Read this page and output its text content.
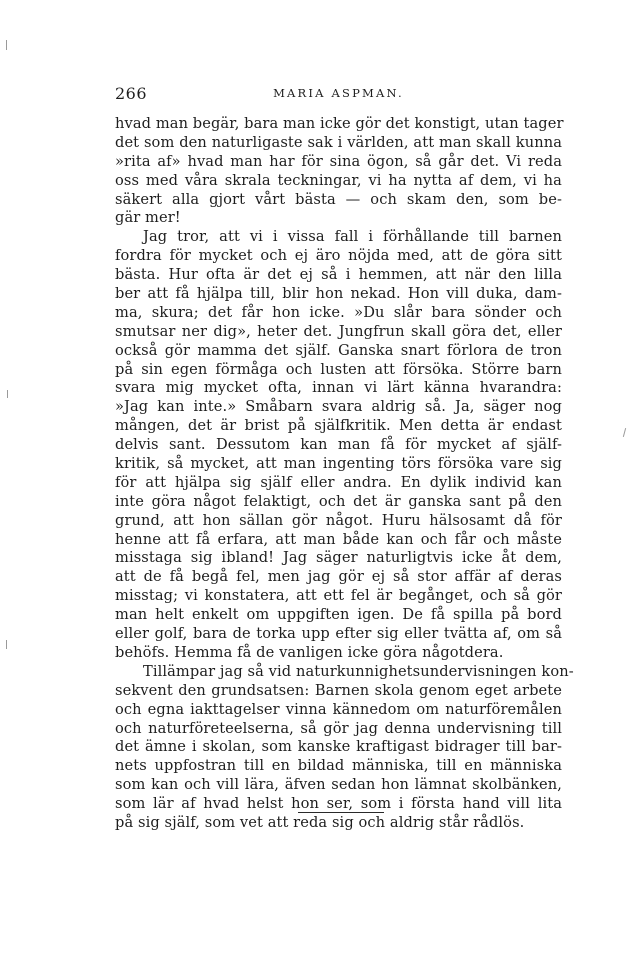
266	MARIA ASPMAN.
hvad man begär, bara man icke gör det konstigt, utan tager
det som den naturligaste sak i världen, att man skall kunna
»rita af» hvad man har för sina ögon, så går det. Vi reda
oss med våra skrala teckningar, vi ha nytta af dem, vi ha
säkert alla gjort vårt bästa — och skam den, som be-
gär mer!
Jag tror, att vi i vissa fall i förhållande till barnen
fordra för mycket och ej äro nöjda med, att de göra sitt
bästa. Hur ofta är det ej så i hemmen, att när den lilla
ber att få hjälpa till, blir hon nekad. Hon vill duka, dam-
ma, skura; det får hon icke. »Du slår bara sönder och
smutsar ner dig», heter det. Jungfrun skall göra det, eller
också gör mamma det själf. Ganska snart förlora de tron
på sin egen förmåga och lusten att försöka. Större barn
svara mig mycket ofta, innan vi lärt känna hvarandra:
»Jag kan inte.» Småbarn svara aldrig så. Ja, säger nog
mången, det är brist på själfkritik. Men detta är endast
delvis sant. Dessutom kan man få för mycket af själf-
kritik, så mycket, att man ingenting törs försöka vare sig
för att hjälpa sig själf eller andra. En dylik individ kan
inte göra något felaktigt, och det är ganska sant på den
grund, att hon sällan gör något. Huru hälsosamt då för
henne att få erfara, att man både kan och får och måste
misstaga sig ibland! Jag säger naturligtvis icke åt dem,
att de få begå fel, men jag gör ej så stor affär af deras
misstag; vi konstatera, att ett fel är begånget, och så gör
man helt enkelt om uppgiften igen. De få spilla på bord
eller golf, bara de torka upp efter sig eller tvätta af, om så
behöfs. Hemma få de vanligen icke göra någotdera.
Tillämpar jag så vid naturkunnighetsundervisningen kon-
sekvent den grundsatsen: Barnen skola genom eget arbete
och egna iakttagelser vinna kännedom om naturföremålen
och naturföreteelserna, så gör jag denna undervisning till
det ämne i skolan, som kanske kraftigast bidrager till bar-
nets uppfostran till en bildad människa, till en människa
som kan och vill lära, äfven sedan hon lämnat skolbänken,
som lär af hvad helst hon ser, som i första hand vill lita
på sig själf, som vet att reda sig och aldrig står rådlös.
